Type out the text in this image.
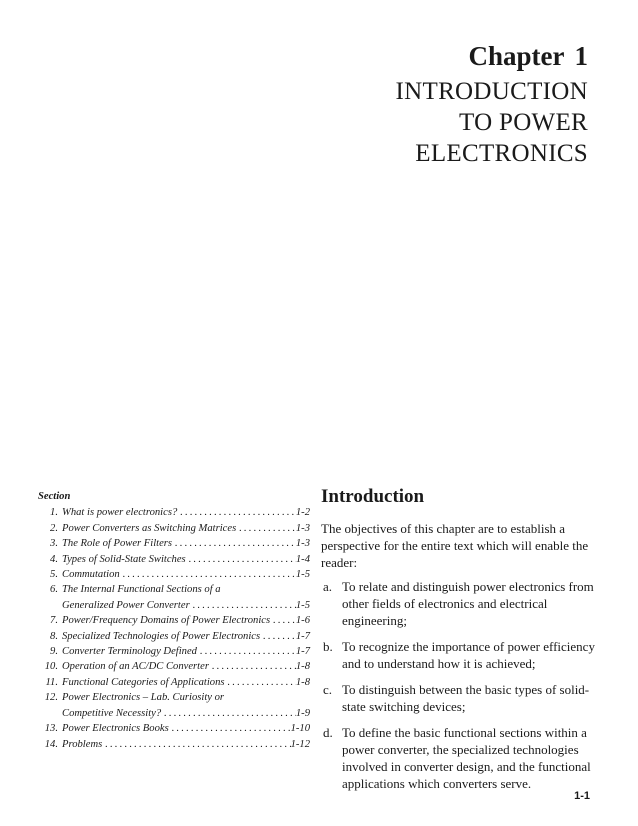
Chapter 1
INTRODUCTION
TO POWER
ELECTRONICS
Section
1. What is power electronics? .....	1-2
2. Power Converters as Switching Matrices .....	1-3
3. The Role of Power Filters .....	1-3
4. Types of Solid-State Switches .....	1-4
5. Commutation .....	1-5
6. The Internal Functional Sections of a
Generalized Power Converter .....	1-5
7. Power/Frequency Domains of Power Electronics ..... 1-6
8. Specialized Technologies of Power Electronics .....	1-7
9. Converter Terminology Defined .....	1-7
10. Operation of an AC/DC Converter .....	1-8
11. Functional Categories of Applications .....	1-8
12. Power Electronics – Lab. Curiosity or
Competitive Necessity? .....	1-9
13. Power Electronics Books .....	1-10
14. Problems .....	1-12
Introduction

The objectives of this chapter are to establish a perspective for the entire text which will enable the reader:

a. To relate and distinguish power electronics from other fields of electronics and electrical engineering;
b. To recognize the importance of power efficiency and to understand how it is achieved;
c. To distinguish between the basic types of solid-state switching devices;
d. To define the basic functional sections within a power converter, the specialized technologies involved in converter design, and the functional applications which converters serve.
1-1
